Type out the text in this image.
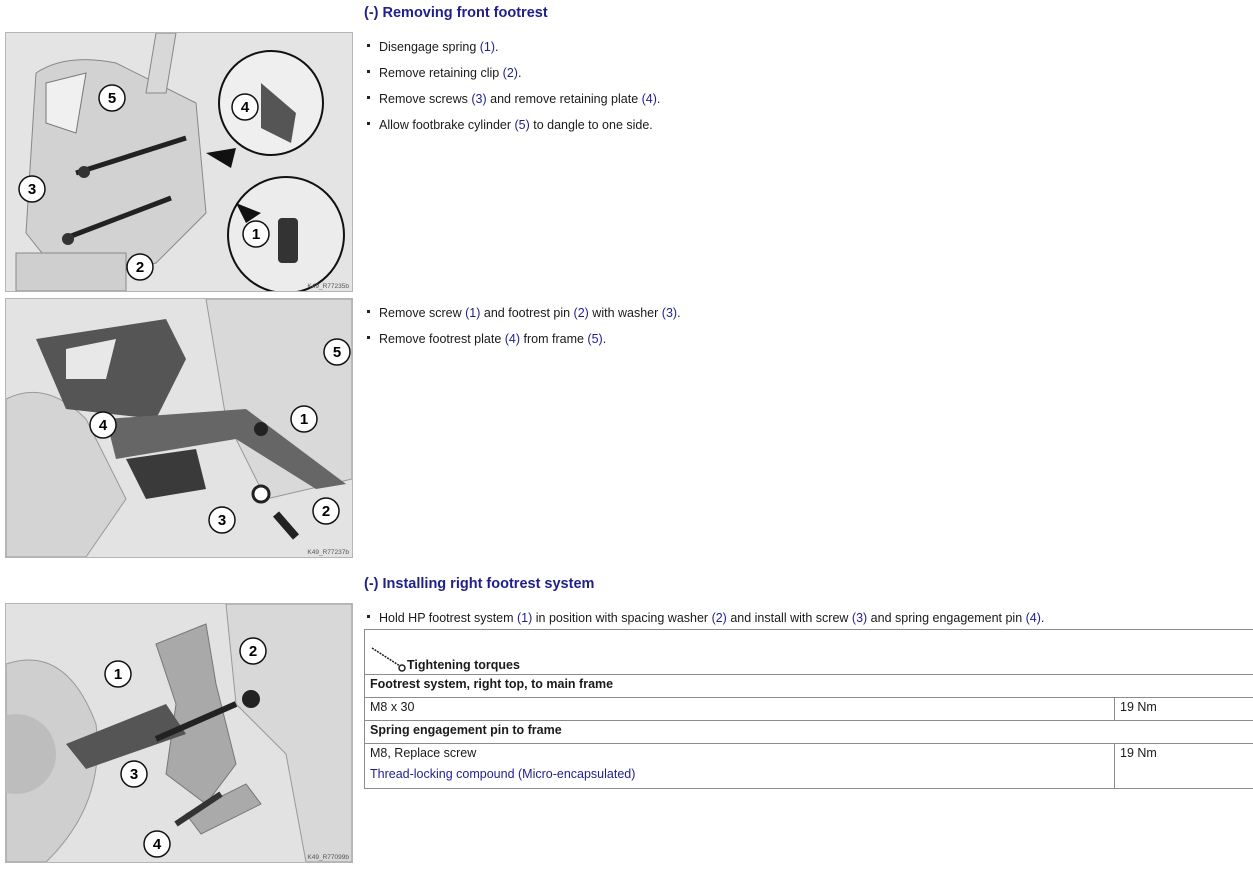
(-) Removing front footrest
5
4
3
1
2
K49_R77235b
Disengage spring (1).
Remove retaining clip (2).
Remove screws (3) and remove retaining plate (4).
Allow footbrake cylinder (5) to dangle to one side.
5
4	1
3
2
K49_R77237b
Remove screw (1) and footrest pin (2) with washer (3).
Remove footrest plate (4) from frame (5).
(-) Installing right footrest system
1
2
3
4
K49_R77099b
Hold HP footrest system (1) in position with spacing washer (2) and install with screw (3) and spring engagement pin (4).
Tightening torques	
Footrest system, right top, to main frame	
M8 x 30	19 Nm
Spring engagement pin to frame	
M8, Replace screw
Thread-locking compound (Micro-encapsulated)	19 Nm
